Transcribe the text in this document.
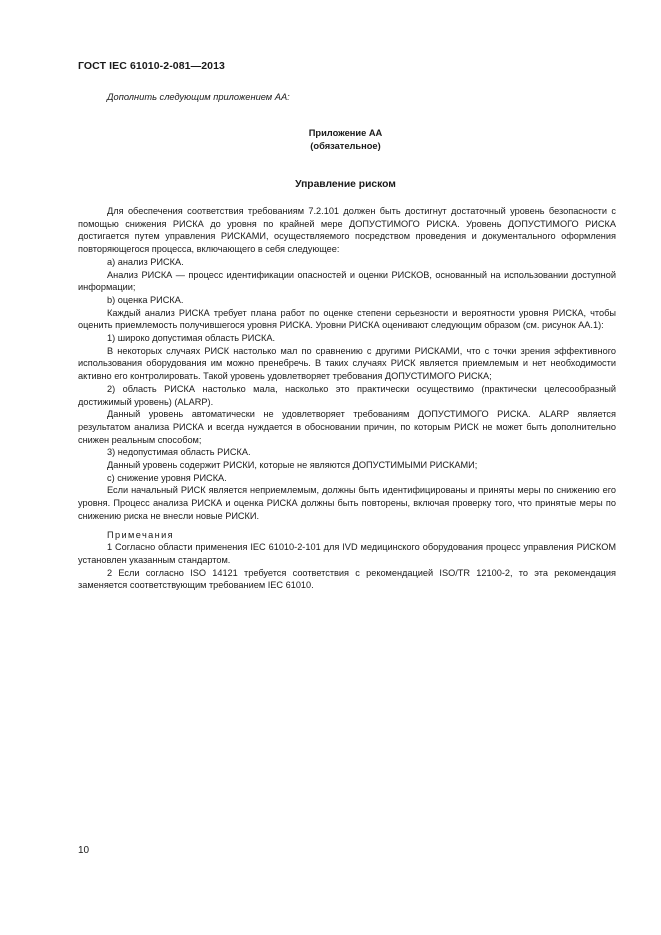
ГОСТ IEC 61010-2-081—2013
Дополнить следующим приложением АА:
Приложение АА
(обязательное)
Управление риском

Для обеспечения соответствия требованиям 7.2.101 должен быть достигнут достаточный уровень безопасности с помощью снижения РИСКА до уровня по крайней мере ДОПУСТИМОГО РИСКА. Уровень ДОПУСТИМОГО РИСКА достигается путем управления РИСКАМИ, осуществляемого посредством проведения и документального оформления повторяющегося процесса, включающего в себя следующее:

а) анализ РИСКА.

Анализ РИСКА — процесс идентификации опасностей и оценки РИСКОВ, основанный на использовании доступной информации;

b) оценка РИСКА.

Каждый анализ РИСКА требует плана работ по оценке степени серьезности и вероятности уровня РИСКА, чтобы оценить приемлемость получившегося уровня РИСКА. Уровни РИСКА оценивают следующим образом (см. рисунок АА.1):

1) широко допустимая область РИСКА.

В некоторых случаях РИСК настолько мал по сравнению с другими РИСКАМИ, что с точки зрения эффективного использования оборудования им можно пренебречь. В таких случаях РИСК является приемлемым и нет необходимости активно его контролировать. Такой уровень удовлетворяет требования ДОПУСТИМОГО РИСКА;

2) область РИСКА настолько мала, насколько это практически осуществимо (практически целесообразный достижимый уровень) (ALARP).

Данный уровень автоматически не удовлетворяет требованиям ДОПУСТИМОГО РИСКА. ALARP является результатом анализа РИСКА и всегда нуждается в обосновании причин, по которым РИСК не может быть дополнительно снижен реальным способом;

3) недопустимая область РИСКА.

Данный уровень содержит РИСКИ, которые не являются ДОПУСТИМЫМИ РИСКАМИ;

c) снижение уровня РИСКА.

Если начальный РИСК является неприемлемым, должны быть идентифицированы и приняты меры по снижению его уровня. Процесс анализа РИСКА и оценка РИСКА должны быть повторены, включая проверку того, что принятые меры по снижению риска не внесли новые РИСКИ.

Примечания

1 Согласно области применения IEC 61010-2-101 для IVD медицинского оборудования процесс управления РИСКОМ установлен указанным стандартом.

2 Если согласно ISO 14121 требуется соответствия с рекомендацией ISO/TR 12100-2, то эта рекомендация заменяется соответствующим требованием IEC 61010.

10
